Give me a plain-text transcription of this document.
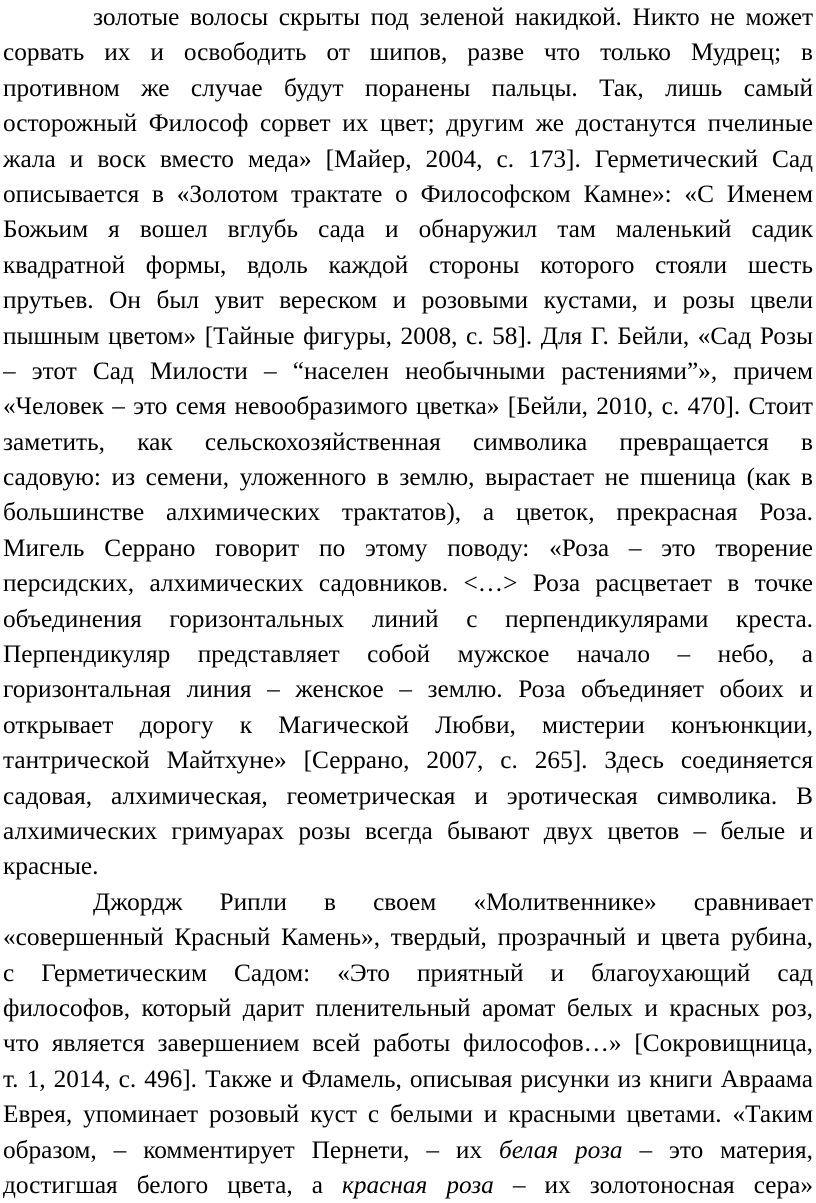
золотые волосы скрыты под зеленой накидкой. Никто не может
сорвать их и освободить от шипов, разве что только Мудрец; в
противном же случае будут поранены пальцы. Так, лишь самый
осторожный Философ сорвет их цвет; другим же достанутся пчелиные
жала и воск вместо меда» [Майер, 2004, с. 173]. Герметический Сад
описывается в «Золотом трактате о Философском Камне»: «С Именем
Божьим я вошел вглубь сада и обнаружил там маленький садик
квадратной формы, вдоль каждой стороны которого стояли шесть
прутьев. Он был увит вереском и розовыми кустами, и розы цвели
пышным цветом» [Тайные фигуры, 2008, с. 58]. Для Г. Бейли, «Сад Розы
– этот Сад Милости – “населен необычными растениями”», причем
«Человек – это семя невообразимого цветка» [Бейли, 2010, с. 470]. Стоит
заметить, как сельскохозяйственная символика превращается в
садовую: из семени, уложенного в землю, вырастает не пшеница (как в
большинстве алхимических трактатов), а цветок, прекрасная Роза.
Мигель Серрано говорит по этому поводу: «Роза – это творение
персидских, алхимических садовников. <…> Роза расцветает в точке
объединения горизонтальных линий с перпендикулярами креста.
Перпендикуляр представляет собой мужское начало – небо, а
горизонтальная линия – женское – землю. Роза объединяет обоих и
открывает дорогу к Магической Любви, мистерии конъюнкции,
тантрической Майтхуне» [Серрано, 2007, с. 265]. Здесь соединяется
садовая, алхимическая, геометрическая и эротическая символика. В
алхимических гримуарах розы всегда бывают двух цветов – белые и
красные.
Джордж Рипли в своем «Молитвеннике» сравнивает
«совершенный Красный Камень», твердый, прозрачный и цвета рубина,
с Герметическим Садом: «Это приятный и благоухающий сад
философов, который дарит пленительный аромат белых и красных роз,
что является завершением всей работы философов…» [Сокровищница,
т. 1, 2014, с. 496]. Также и Фламель, описывая рисунки из книги Авраама
Еврея, упоминает розовый куст с белыми и красными цветами. «Таким
образом, – комментирует Пернети, – их белая роза – это материя,
достигшая белого цвета, а красная роза – их золотоносная сера»
